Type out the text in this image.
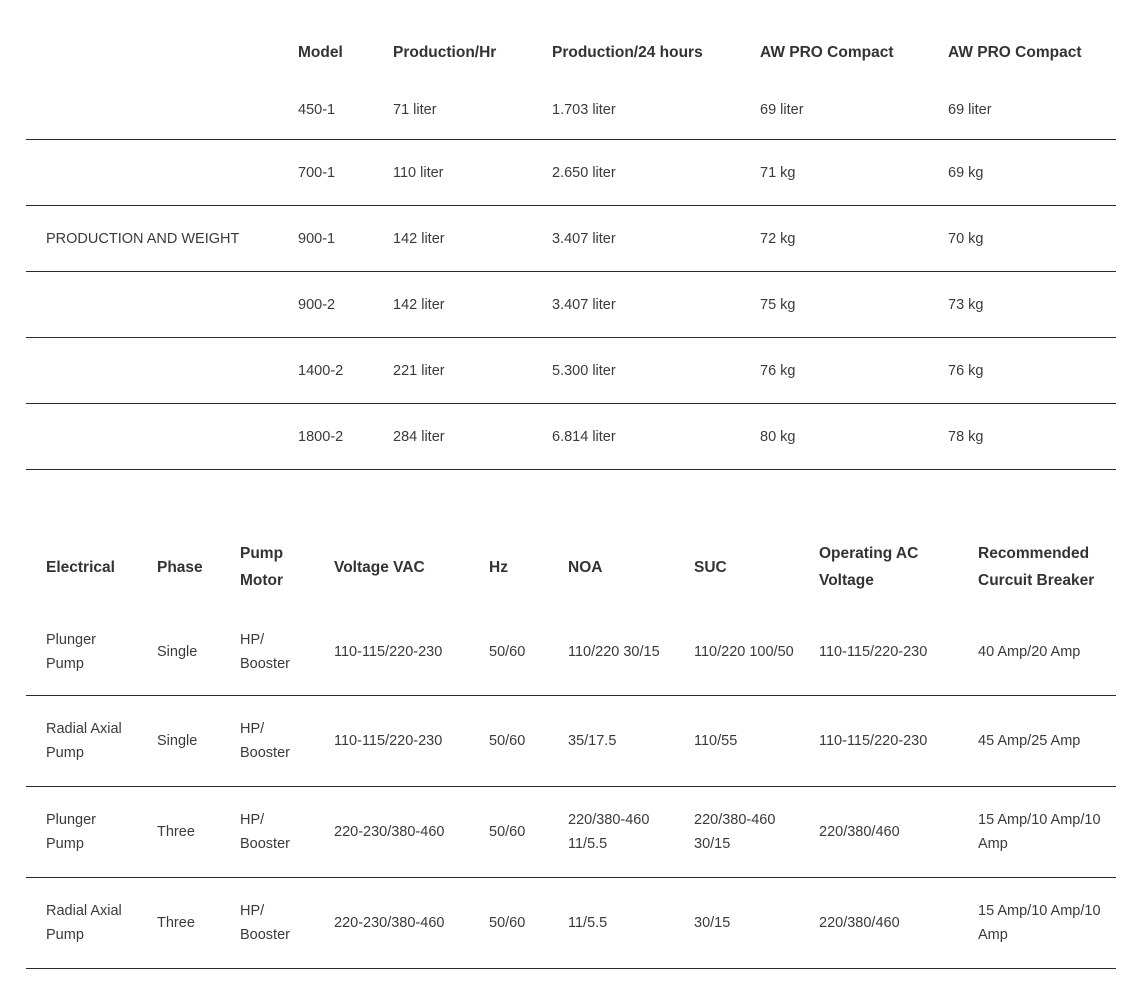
	Model	Production/Hr	Production/24 hours	AW PRO Compact	AW PRO Compact
	450-1	71 liter	1.703 liter	69 liter	69 liter
	700-1	110 liter	2.650 liter	71 kg	69 kg
PRODUCTION AND WEIGHT	900-1	142 liter	3.407 liter	72 kg	70 kg
	900-2	142 liter	3.407 liter	75 kg	73 kg
	1400-2	221 liter	5.300 liter	76 kg	76 kg
	1800-2	284 liter	6.814 liter	80 kg	78 kg
Electrical	Phase	Pump Motor	Voltage VAC	Hz	NOA	SUC	Operating AC Voltage	Recommended Curcuit Breaker
Plunger Pump	Single	HP/ Booster	110-115/220-230	50/60	110/220 30/15	110/220 100/50	110-115/220-230	40 Amp/20 Amp
Radial Axial Pump	Single	HP/ Booster	110-115/220-230	50/60	35/17.5	110/55	110-115/220-230	45 Amp/25 Amp
Plunger Pump	Three	HP/ Booster	220-230/380-460	50/60	220/380-460 11/5.5	220/380-460 30/15	220/380/460	15 Amp/10 Amp/10 Amp
Radial Axial Pump	Three	HP/ Booster	220-230/380-460	50/60	11/5.5	30/15	220/380/460	15 Amp/10 Amp/10 Amp
